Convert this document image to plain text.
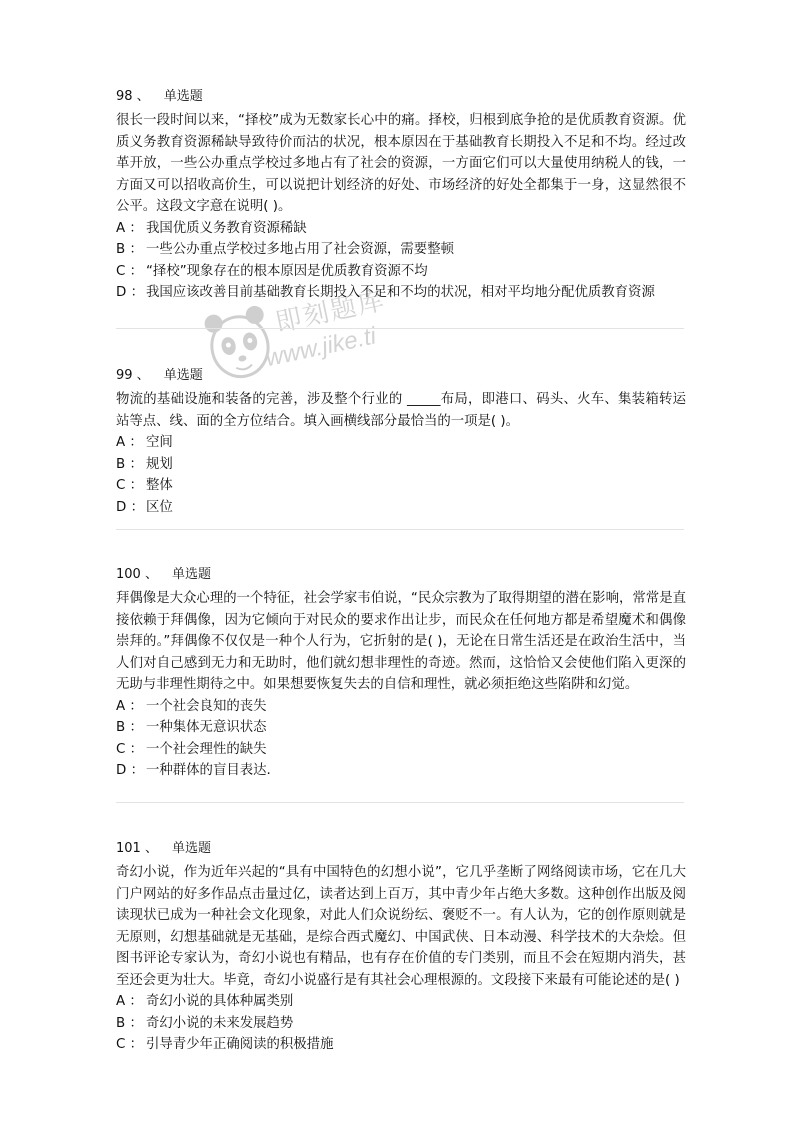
即刻题库
www.jike.ti
98 、 单选题

很长一段时间以来，“择校”成为无数家长心中的痛。择校，归根到底争抢的是优质教育资源。优质义务教育资源稀缺导致待价而沽的状况，根本原因在于基础教育长期投入不足和不均。经过改革开放，一些公办重点学校过多地占有了社会的资源，一方面它们可以大量使用纳税人的钱，一方面又可以招收高价生，可以说把计划经济的好处、市场经济的好处全都集于一身，这显然很不公平。这段文字意在说明( )。

A ： 我国优质义务教育资源稀缺
B ： 一些公办重点学校过多地占用了社会资源，需要整顿
C ： “择校”现象存在的根本原因是优质教育资源不均
D ： 我国应该改善目前基础教育长期投入不足和不均的状况，相对平均地分配优质教育资源
99 、 单选题

物流的基础设施和装备的完善，涉及整个行业的 _____布局，即港口、码头、火车、集装箱转运站等点、线、面的全方位结合。填入画横线部分最恰当的一项是( )。

A ： 空间
B ： 规划
C ： 整体
D ： 区位
100 、 单选题

拜偶像是大众心理的一个特征，社会学家韦伯说，“民众宗教为了取得期望的潜在影响，常常是直接依赖于拜偶像，因为它倾向于对民众的要求作出让步，而民众在任何地方都是希望魔术和偶像崇拜的。”拜偶像不仅仅是一种个人行为，它折射的是( )，无论在日常生活还是在政治生活中，当人们对自己感到无力和无助时，他们就幻想非理性的奇迹。然而，这恰恰又会使他们陷入更深的无助与非理性期待之中。如果想要恢复失去的自信和理性，就必须拒绝这些陷阱和幻觉。

A ： 一个社会良知的丧失
B ： 一种集体无意识状态
C ： 一个社会理性的缺失
D ： 一种群体的盲目表达.
101 、 单选题

奇幻小说，作为近年兴起的“具有中国特色的幻想小说”，它几乎垄断了网络阅读市场，它在几大门户网站的好多作品点击量过亿，读者达到上百万，其中青少年占绝大多数。这种创作出版及阅读现状已成为一种社会文化现象，对此人们众说纷纭、褒贬不一。有人认为，它的创作原则就是无原则，幻想基础就是无基础，是综合西式魔幻、中国武侠、日本动漫、科学技术的大杂烩。但图书评论专家认为，奇幻小说也有精品，也有存在价值的专门类别，而且不会在短期内消失，甚至还会更为壮大。毕竟，奇幻小说盛行是有其社会心理根源的。文段接下来最有可能论述的是( )

A ： 奇幻小说的具体种属类别
B ： 奇幻小说的未来发展趋势
C ： 引导青少年正确阅读的积极措施
